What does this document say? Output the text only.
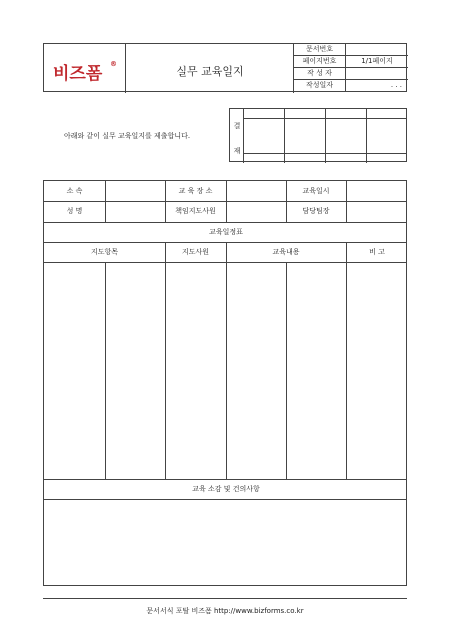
비즈폼 ®
실무 교육일지
문서번호
페이지번호	1/1페이지
작 성 자
작성일자	. . .
아래와 같이 실무 교육일지를 제출합니다.
결
재
소 속	교 육 장 소	교육일시
성 명	책임지도사원	담당팀장
교육일정표
지도항목	지도사원	교육내용	비 고
교육 소감 및 건의사항
문서서식 포탈 비즈폼 http://www.bizforms.co.kr
